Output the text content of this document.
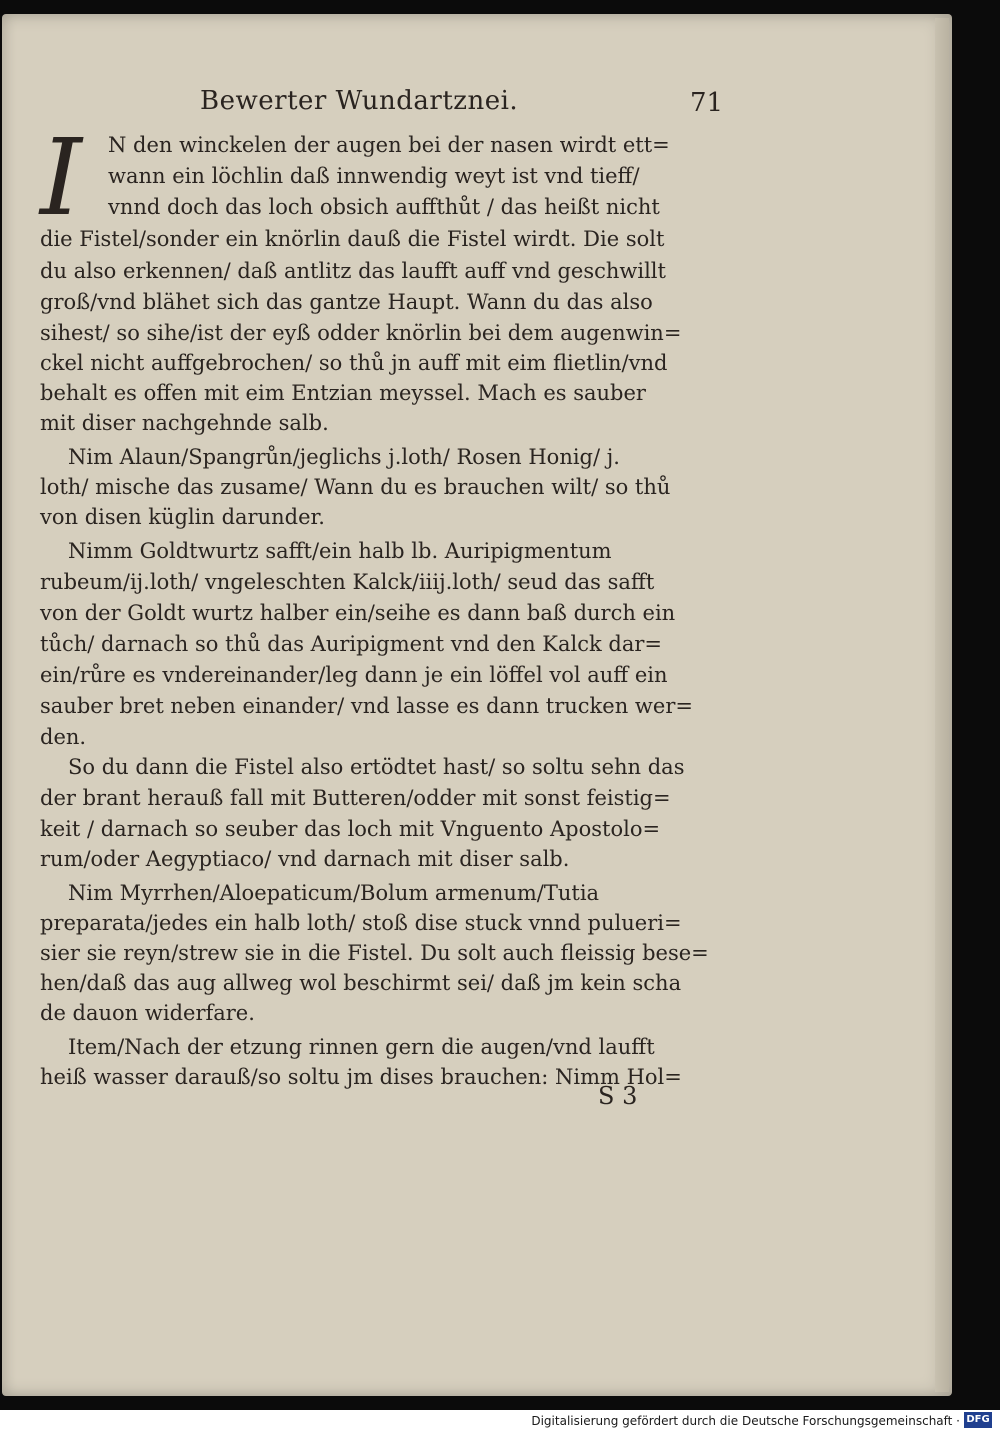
Bewerter Wundartznei.	71
I	N den winckelen der augen bei der nasen wirdt ett=
wann ein löchlin daß innwendig weyt ist vnd tieff/
vnnd doch das loch obsich auffthůt / das heißt nicht
die Fistel/sonder ein knörlin dauß die Fistel wirdt. Die solt
du also erkennen/ daß antlitz das laufft auff vnd geschwillt
groß/vnd blähet sich das gantze Haupt. Wann du das also
sihest/ so sihe/ist der eyß odder knörlin bei dem augenwin=
ckel nicht auffgebrochen/ so thů jn auff mit eim flietlin/vnd
behalt es offen mit eim Entzian meyssel. Mach es sauber
mit diser nachgehnde salb.
Nim Alaun/Spangrůn/jeglichs j.loth/ Rosen Honig/ j.
loth/ mische das zusame/ Wann du es brauchen wilt/ so thů
von disen küglin darunder.
Nimm Goldtwurtz safft/ein halb lb. Auripigmentum
rubeum/ij.loth/ vngeleschten Kalck/iiij.loth/ seud das safft
von der Goldt wurtz halber ein/seihe es dann baß durch ein
tůch/ darnach so thů das Auripigment vnd den Kalck dar=
ein/růre es vndereinander/leg dann je ein löffel vol auff ein
sauber bret neben einander/ vnd lasse es dann trucken wer=
den.
So du dann die Fistel also ertödtet hast/ so soltu sehn das
der brant herauß fall mit Butteren/odder mit sonst feistig=
keit / darnach so seuber das loch mit Vnguento Apostolo=
rum/oder Aegyptiaco/ vnd darnach mit diser salb.
Nim Myrrhen/Aloepaticum/Bolum armenum/Tutia
preparata/jedes ein halb loth/ stoß dise stuck vnnd pulueri=
sier sie reyn/strew sie in die Fistel. Du solt auch fleissig bese=
hen/daß das aug allweg wol beschirmt sei/ daß jm kein scha
de dauon widerfare.
Item/Nach der etzung rinnen gern die augen/vnd laufft
heiß wasser darauß/so soltu jm dises brauchen: Nimm Hol=
S 3
Digitalisierung gefördert durch die Deutsche Forschungsgemeinschaft · DFG
